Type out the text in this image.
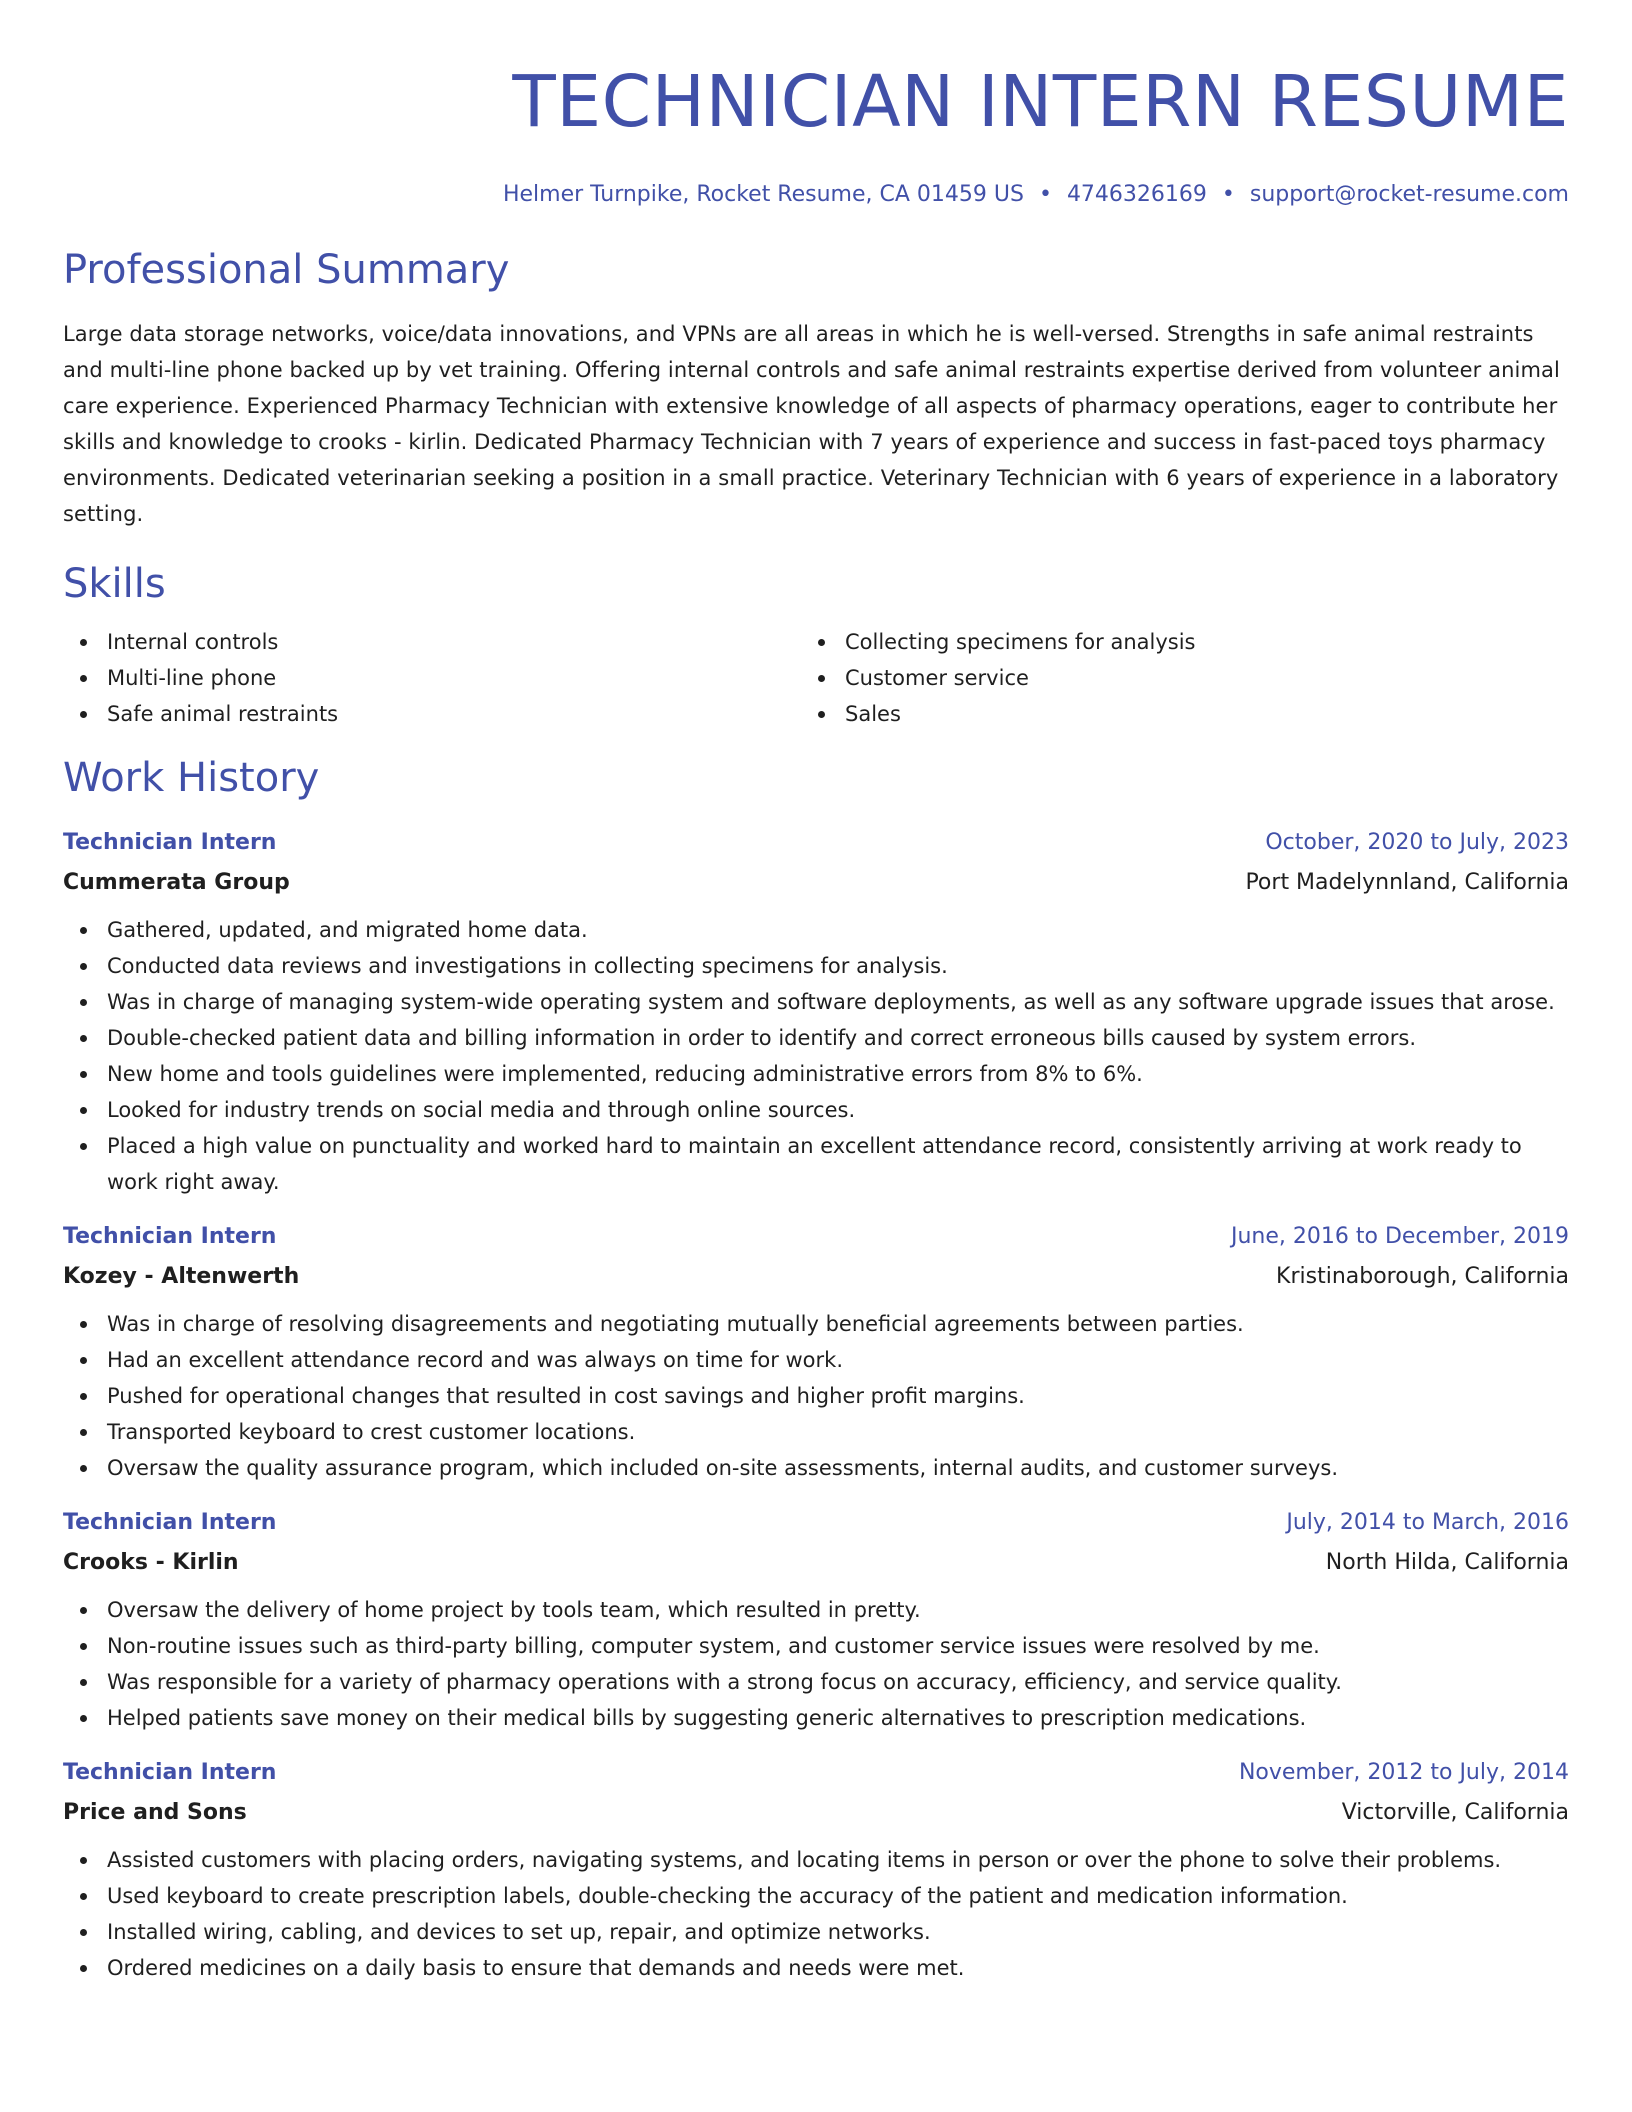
TECHNICIAN INTERN RESUME
Helmer Turnpike, Rocket Resume, CA 01459 US • 4746326169 • support@rocket-resume.com
Professional Summary

Large data storage networks, voice/data innovations, and VPNs are all areas in which he is well-versed. Strengths in safe animal restraints and multi-line phone backed up by vet training. Offering internal controls and safe animal restraints expertise derived from volunteer animal care experience. Experienced Pharmacy Technician with extensive knowledge of all aspects of pharmacy operations, eager to contribute her skills and knowledge to crooks - kirlin. Dedicated Pharmacy Technician with 7 years of experience and success in fast-paced toys pharmacy environments. Dedicated veterinarian seeking a position in a small practice. Veterinary Technician with 6 years of experience in a laboratory setting.

Skills
Internal controls
Multi-line phone
Safe animal restraints
Collecting specimens for analysis
Customer service
Sales
Work History
Technician Intern	October, 2020 to July, 2023
Cummerata Group	Port Madelynnland, California
Gathered, updated, and migrated home data.
Conducted data reviews and investigations in collecting specimens for analysis.
Was in charge of managing system-wide operating system and software deployments, as well as any software upgrade issues that arose.
Double-checked patient data and billing information in order to identify and correct erroneous bills caused by system errors.
New home and tools guidelines were implemented, reducing administrative errors from 8% to 6%.
Looked for industry trends on social media and through online sources.
Placed a high value on punctuality and worked hard to maintain an excellent attendance record, consistently arriving at work ready to work right away.
Technician Intern	June, 2016 to December, 2019
Kozey - Altenwerth	Kristinaborough, California
Was in charge of resolving disagreements and negotiating mutually beneficial agreements between parties.
Had an excellent attendance record and was always on time for work.
Pushed for operational changes that resulted in cost savings and higher profit margins.
Transported keyboard to crest customer locations.
Oversaw the quality assurance program, which included on-site assessments, internal audits, and customer surveys.
Technician Intern	July, 2014 to March, 2016
Crooks - Kirlin	North Hilda, California
Oversaw the delivery of home project by tools team, which resulted in pretty.
Non-routine issues such as third-party billing, computer system, and customer service issues were resolved by me.
Was responsible for a variety of pharmacy operations with a strong focus on accuracy, efficiency, and service quality.
Helped patients save money on their medical bills by suggesting generic alternatives to prescription medications.
Technician Intern	November, 2012 to July, 2014
Price and Sons	Victorville, California
Assisted customers with placing orders, navigating systems, and locating items in person or over the phone to solve their problems.
Used keyboard to create prescription labels, double-checking the accuracy of the patient and medication information.
Installed wiring, cabling, and devices to set up, repair, and optimize networks.
Ordered medicines on a daily basis to ensure that demands and needs were met.
